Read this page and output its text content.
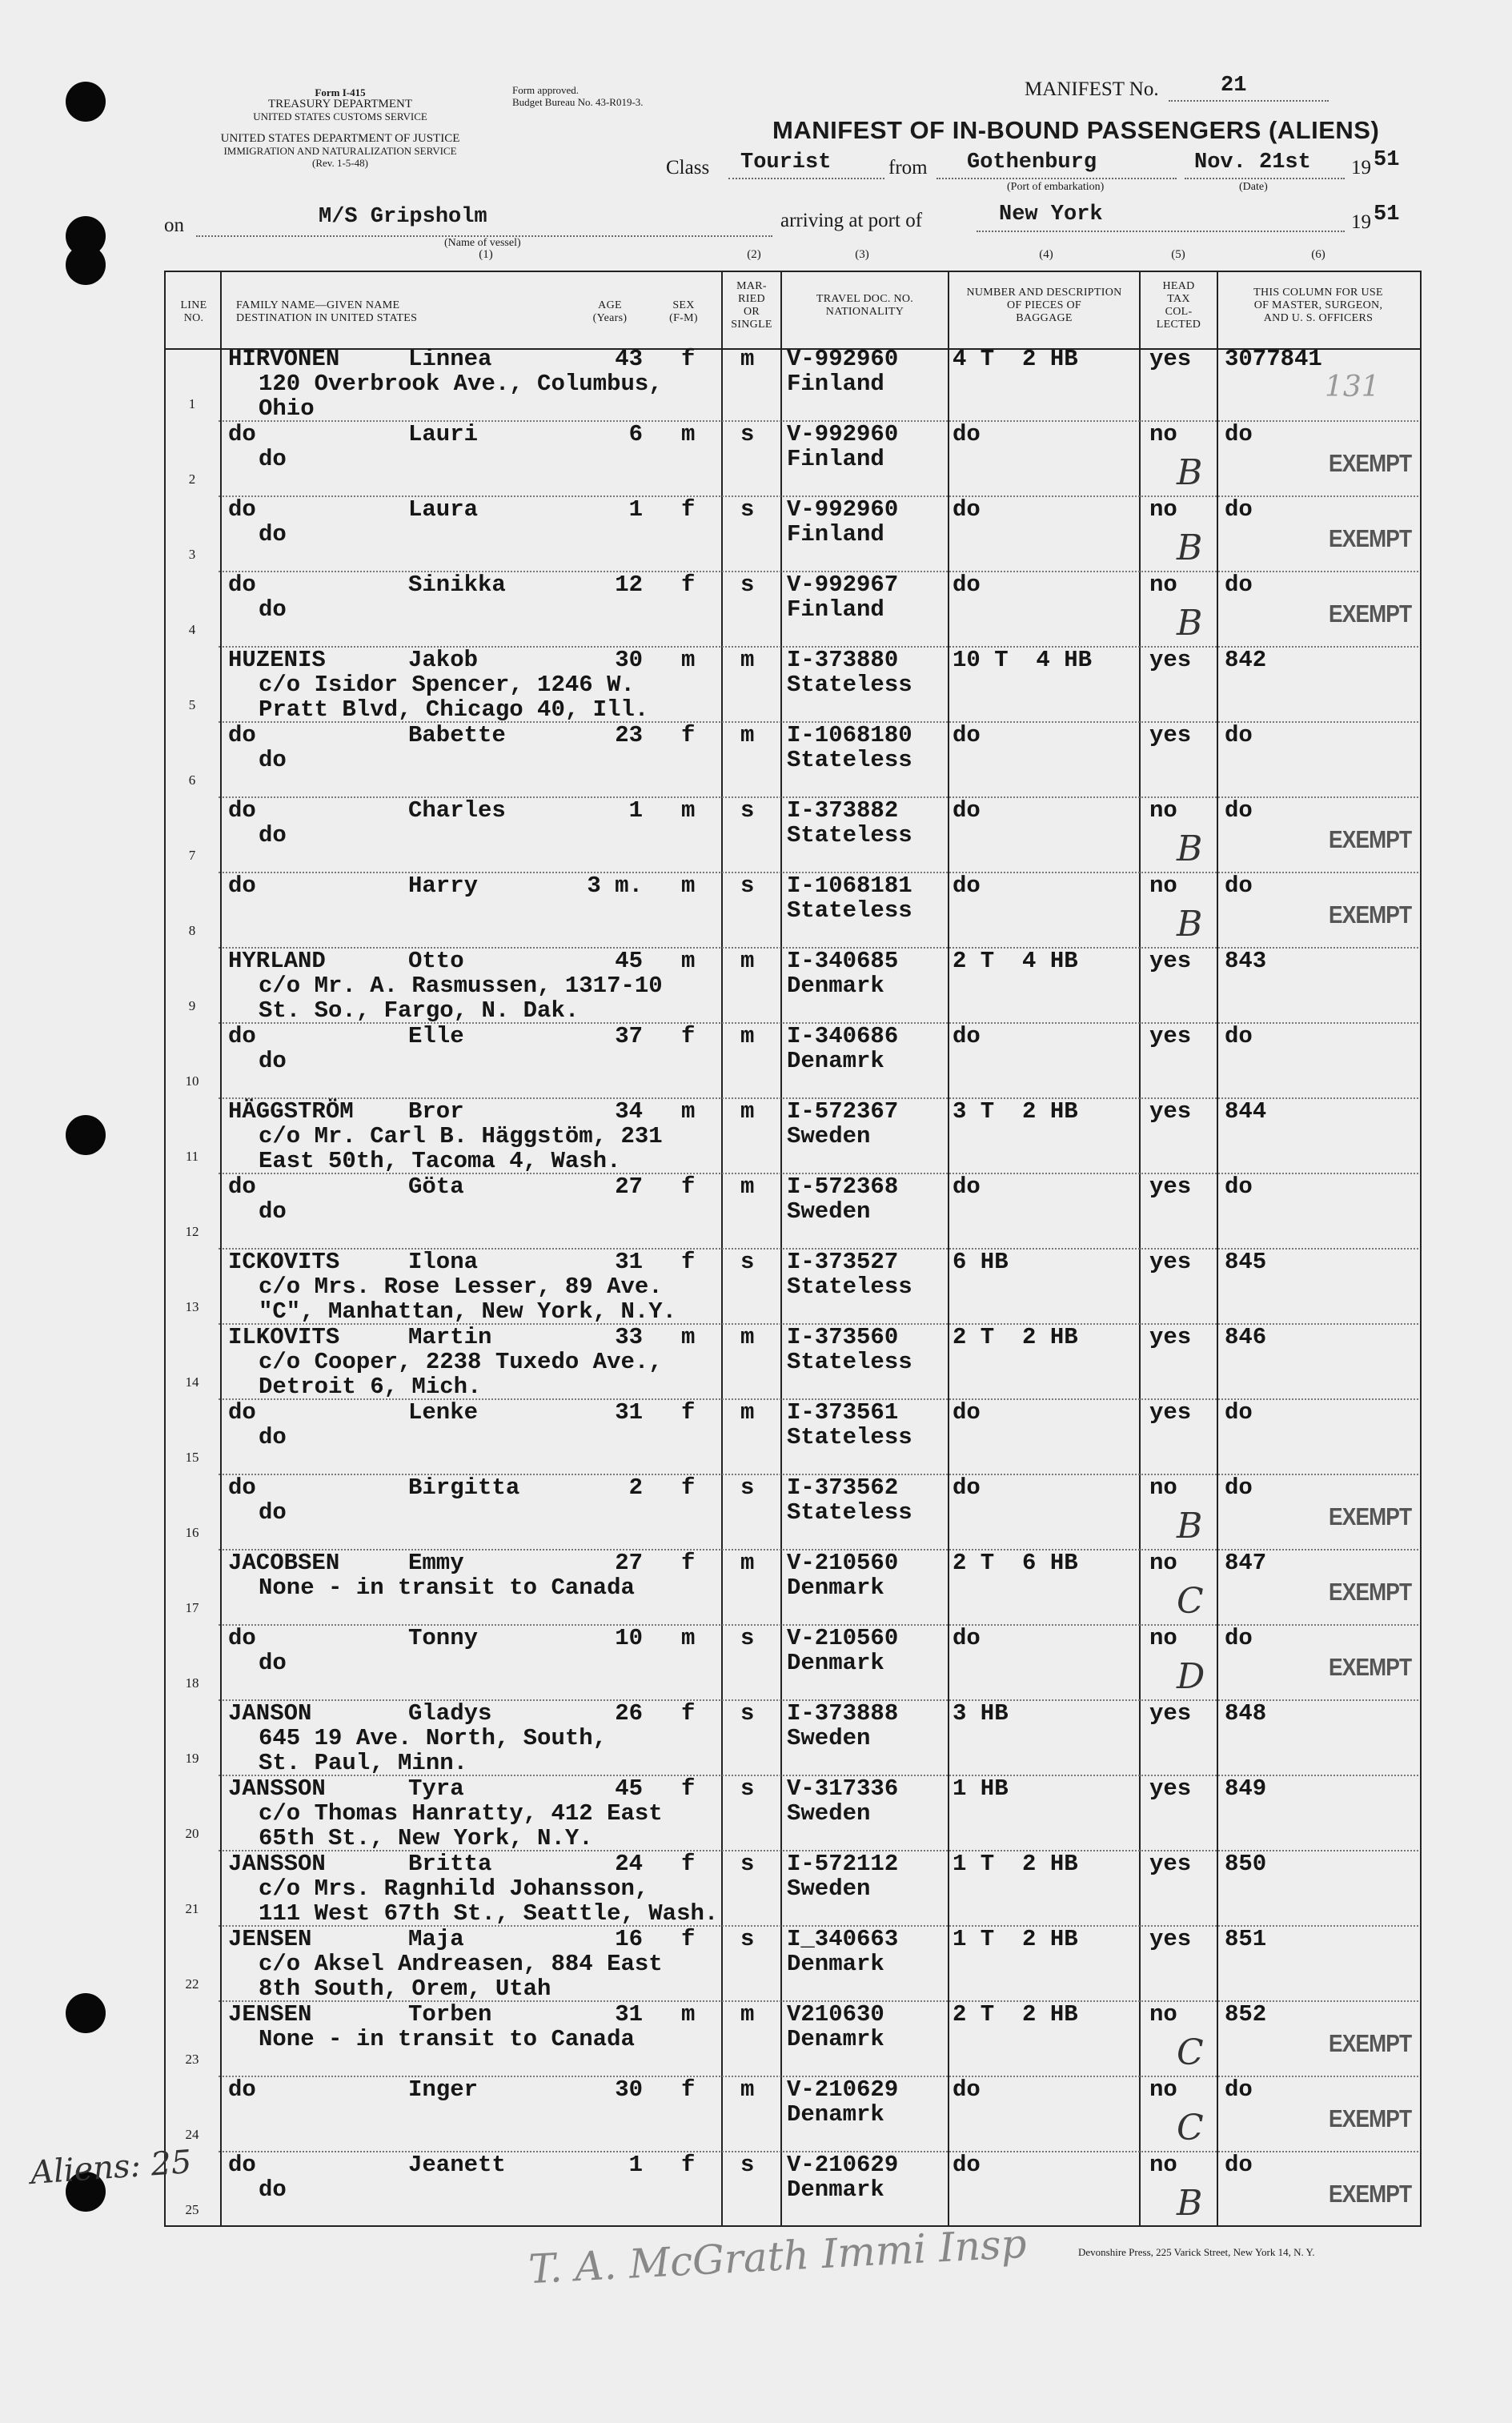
Form I-415
TREASURY DEPARTMENT
UNITED STATES CUSTOMS SERVICE
UNITED STATES DEPARTMENT OF JUSTICE
IMMIGRATION AND NATURALIZATION SERVICE
(Rev. 1-5-48)
Form approved.
Budget Bureau No. 43-R019-3.
MANIFEST No.	21
MANIFEST OF IN-BOUND PASSENGERS (ALIENS)
Class Tourist	from Gothenburg
(Port of embarkation)
Nov. 21st
(Date)
19 51
on	M/S Gripsholm
(Name of vessel)
arriving at port of	New York	19 51
(1)	(2)	(3)	(4)	(5)	(6)
LINE
NO.
FAMILY NAME—GIVEN NAME
DESTINATION IN UNITED STATES
AGE
(Years)
SEX
(F-M)
MAR-
RIED
OR
SINGLE
TRAVEL DOC. NO.
NATIONALITY
NUMBER AND DESCRIPTION
OF PIECES OF
BAGGAGE
HEAD
TAX
COL-
LECTED
THIS COLUMN FOR USE
OF MASTER, SURGEON,
AND U. S. OFFICERS
1
HIRVONEN	Linnea
120 Overbrook Ave., Columbus,
Ohio
43 f m V-992960
Finland
4 T  2 HB	yes 3077841
131
2
do	Lauri
do
6 m s V-992960
Finland
do	no do
EXEMPT
B
3
do	Laura
do
1 f s V-992960
Finland
do	no do
EXEMPT
B
4
do	Sinikka
do
12 f s V-992967
Finland
do	no do
EXEMPT
B
5
HUZENIS	Jakob
c/o Isidor Spencer, 1246 W.
Pratt Blvd, Chicago 40, Ill.
30 m m I-373880
Stateless
10 T  4 HB yes 842
6
do	Babette
do
23 f m I-1068180
Stateless
do	yes do
7
do	Charles
do
1 m s I-373882
Stateless
do	no do
EXEMPT
B
8
do	Harry	3 m. m s I-1068181
Stateless
do	no do
EXEMPT
B
9
HYRLAND	Otto
c/o Mr. A. Rasmussen, 1317-10
St. So., Fargo, N. Dak.
45 m m I-340685
Denmark
2 T  4 HB	yes 843
10
do	Elle
do
37 f m I-340686
Denamrk
do	yes do
11
HÄGGSTRÖM Bror
c/o Mr. Carl B. Häggstöm, 231
East 50th, Tacoma 4, Wash.
34 m m I-572367
Sweden
3 T  2 HB	yes 844
12
do	Göta
do
27 f m I-572368
Sweden
do	yes do
13
ICKOVITS	Ilona
c/o Mrs. Rose Lesser, 89 Ave.
"C", Manhattan, New York, N.Y.
31 f s I-373527
Stateless
6 HB	yes 845
14
ILKOVITS	Martin
c/o Cooper, 2238 Tuxedo Ave.,
Detroit 6, Mich.
33 m m I-373560
Stateless
2 T  2 HB	yes 846
15
do	Lenke
do
31 f m I-373561
Stateless
do	yes do
16
do	Birgitta
do
2 f s I-373562
Stateless
do	no do
EXEMPT
B
17
JACOBSEN	Emmy
None - in transit to Canada
27 f m V-210560
Denmark
2 T  6 HB	no 847
EXEMPT
C
18
do	Tonny
do
10 m s V-210560
Denmark
do	no do
EXEMPT
D
19
JANSON	Gladys
645 19 Ave. North, South,
St. Paul, Minn.
26 f s I-373888
Sweden
3 HB	yes 848
20
JANSSON	Tyra
c/o Thomas Hanratty, 412 East
65th St., New York, N.Y.
45 f s V-317336
Sweden
1 HB	yes 849
21
JANSSON	Britta
c/o Mrs. Ragnhild Johansson,
111 West 67th St., Seattle, Wash.
24 f s I-572112
Sweden
1 T  2 HB	yes 850
22
JENSEN	Maja
c/o Aksel Andreasen, 884 East
8th South, Orem, Utah
16 f s I_340663
Denmark
1 T  2 HB	yes 851
23
JENSEN	Torben
None - in transit to Canada
31 m m V210630
Denamrk
2 T  2 HB	no 852
EXEMPT
C
24
do	Inger	30 f m V-210629
Denamrk
do	no do
EXEMPT
C
25
do	Jeanett
do
1 f s V-210629
Denmark
do	no do
EXEMPT
B
Aliens: 25
Devonshire Press, 225 Varick Street, New York 14, N. Y.
T. A. McGrath Immi Insp
